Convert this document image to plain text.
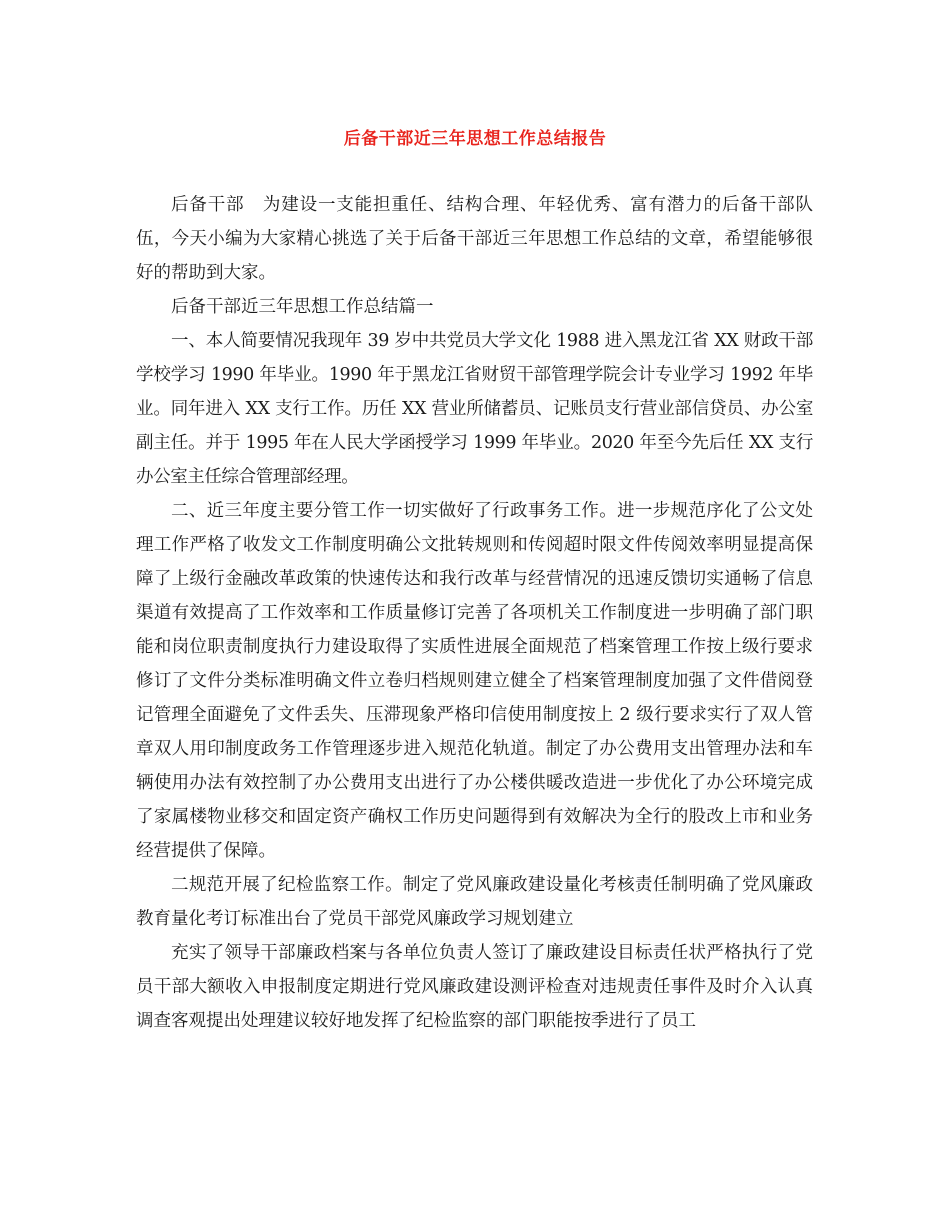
后备干部近三年思想工作总结报告

后备干部　为建设一支能担重任、结构合理、年轻优秀、富有潜力的后备干部队伍，今天小编为大家精心挑选了关于后备干部近三年思想工作总结的文章，希望能够很好的帮助到大家。

后备干部近三年思想工作总结篇一

一、本人简要情况我现年 39 岁中共党员大学文化 1988 进入黑龙江省 XX 财政干部学校学习 1990 年毕业。1990 年于黑龙江省财贸干部管理学院会计专业学习 1992 年毕业。同年进入 XX 支行工作。历任 XX 营业所储蓄员、记账员支行营业部信贷员、办公室副主任。并于 1995 年在人民大学函授学习 1999 年毕业。2020 年至今先后任 XX 支行办公室主任综合管理部经理。

二、近三年度主要分管工作一切实做好了行政事务工作。进一步规范序化了公文处理工作严格了收发文工作制度明确公文批转规则和传阅超时限文件传阅效率明显提高保障了上级行金融改革政策的快速传达和我行改革与经营情况的迅速反馈切实通畅了信息渠道有效提高了工作效率和工作质量修订完善了各项机关工作制度进一步明确了部门职能和岗位职责制度执行力建设取得了实质性进展全面规范了档案管理工作按上级行要求修订了文件分类标准明确文件立卷归档规则建立健全了档案管理制度加强了文件借阅登记管理全面避免了文件丢失、压滞现象严格印信使用制度按上 2 级行要求实行了双人管章双人用印制度政务工作管理逐步进入规范化轨道。制定了办公费用支出管理办法和车辆使用办法有效控制了办公费用支出进行了办公楼供暖改造进一步优化了办公环境完成了家属楼物业移交和固定资产确权工作历史问题得到有效解决为全行的股改上市和业务经营提供了保障。

二规范开展了纪检监察工作。制定了党风廉政建设量化考核责任制明确了党风廉政教育量化考订标准出台了党员干部党风廉政学习规划建立

充实了领导干部廉政档案与各单位负责人签订了廉政建设目标责任状严格执行了党员干部大额收入申报制度定期进行党风廉政建设测评检查对违规责任事件及时介入认真调查客观提出处理建议较好地发挥了纪检监察的部门职能按季进行了员工
